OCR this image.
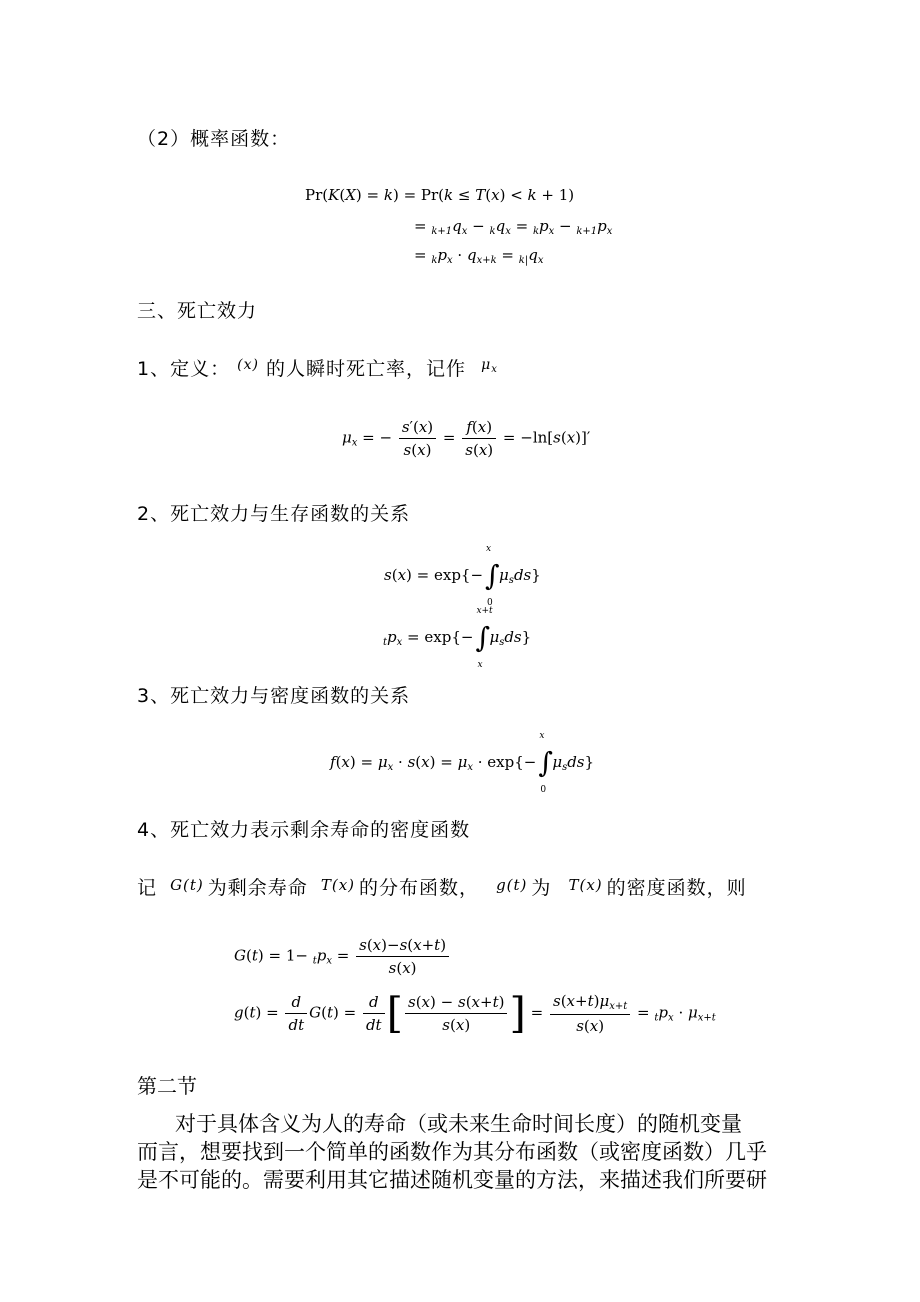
（2）概率函数：
Pr(K(X) = k) = Pr(k ≤ T(x) < k + 1)
= $_{k+1}q_x - _kq_x = _kp_x - _{k+1}p_x$
= $_kp_x \cdot q_{x+k} = _{k|}q_x$
三、死亡效力
1、定义： $^{(x)}$ 的人瞬时死亡率，记作 $^{\mu_x}$
$\mu_x$ = − $\frac{s'(x)}{s(x)} = \frac{f(x)}{s(x)} = -\ln[s(x)]'$
2、死亡效力与生存函数的关系
s(x) = exp{−
x
∫
0
$\mu_sds$}
$_tp_x = \exp\{-$
x+t
∫
x
$\mu_sds$}
3、死亡效力与密度函数的关系
$f(x) = \mu_x \cdot s(x) = \mu_x \cdot \exp\{-$
x
∫
0
$\mu_sds$}
4、死亡效力表示剩余寿命的密度函数
记 $^{G(t)}$ 为剩余寿命 $^{T(x)}$ 的分布函数， $^{g(t)}$ 为 $^{T(x)}$ 的密度函数，则
$G(t) = 1- _tp_x = \frac{s(x)-s(x+t)}{s(x)}$
$g(t) = \frac{d}{dt} G(t) = \frac{d}{dt}$ [ $\frac{s(x) - s(x+t)}{s(x)}$ ] = $\frac{s(x+t)\mu_{x+t}}{s(x)} = _tp_x \cdot \mu_{x+t}$
第二节
对于具体含义为人的寿命（或未来生命时间长度）的随机变量
而言，想要找到一个简单的函数作为其分布函数（或密度函数）几乎
是不可能的。需要利用其它描述随机变量的方法，来描述我们所要研
